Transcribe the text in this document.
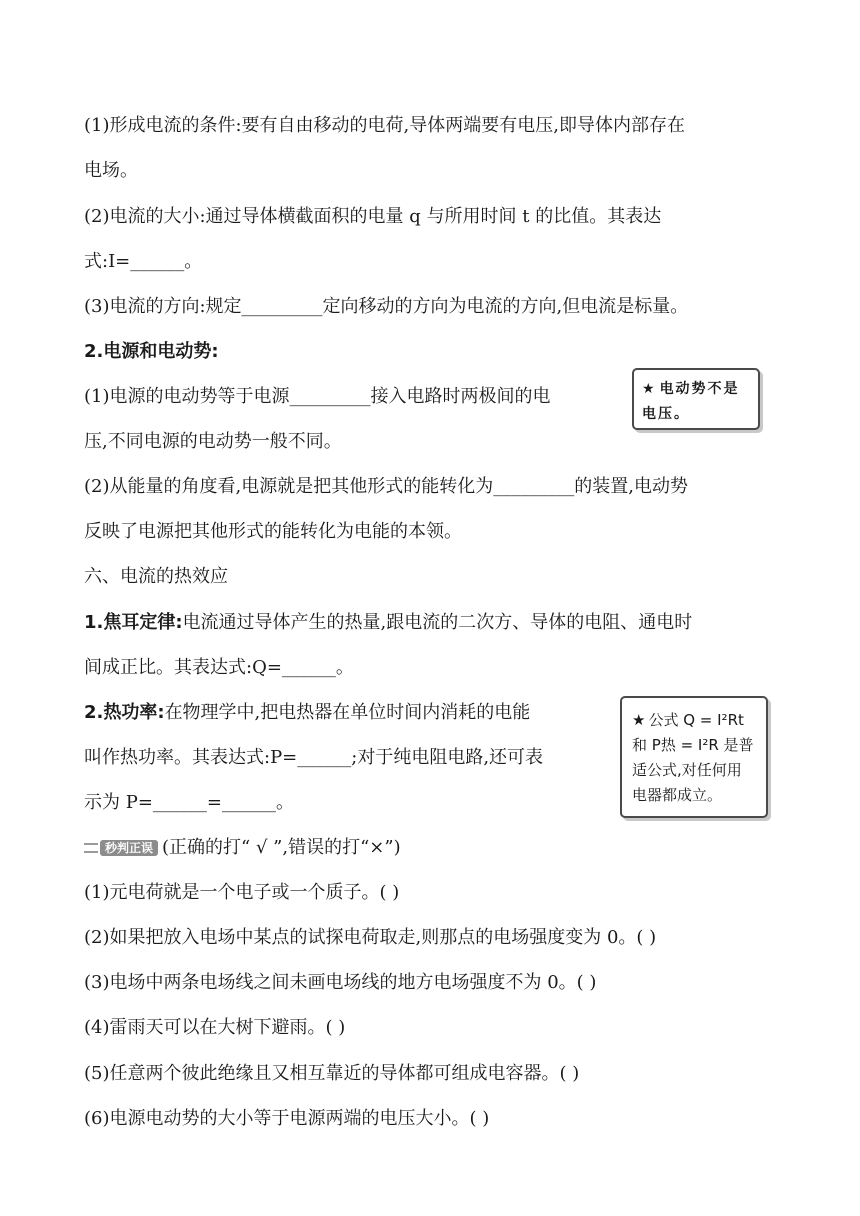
(1)形成电流的条件:要有自由移动的电荷,导体两端要有电压,即导体内部存在
电场。
(2)电流的大小:通过导体横截面积的电量 q 与所用时间 t 的比值。其表达
式:I=______。
(3)电流的方向:规定_________定向移动的方向为电流的方向,但电流是标量。
2.电源和电动势:
(1)电源的电动势等于电源_________接入电路时两极间的电
压,不同电源的电动势一般不同。
(2)从能量的角度看,电源就是把其他形式的能转化为_________的装置,电动势
反映了电源把其他形式的能转化为电能的本领。
六、电流的热效应
1.焦耳定律:电流通过导体产生的热量,跟电流的二次方、导体的电阻、通电时
间成正比。其表达式:Q=______。
2.热功率:在物理学中,把电热器在单位时间内消耗的电能
叫作热功率。其表达式:P=______;对于纯电阻电路,还可表
示为 P=______=______。
秒判正误 (正确的打“ √ ”,错误的打“×”)
(1)元电荷就是一个电子或一个质子。( )
(2)如果把放入电场中某点的试探电荷取走,则那点的电场强度变为 0。( )
(3)电场中两条电场线之间未画电场线的地方电场强度不为 0。( )
(4)雷雨天可以在大树下避雨。( )
(5)任意两个彼此绝缘且又相互靠近的导体都可组成电容器。( )
(6)电源电动势的大小等于电源两端的电压大小。( )
★ 电动势不是
电压。
★ 公式 Q = I²Rt
和 P热 = I²R 是普
适公式,对任何用
电器都成立。
